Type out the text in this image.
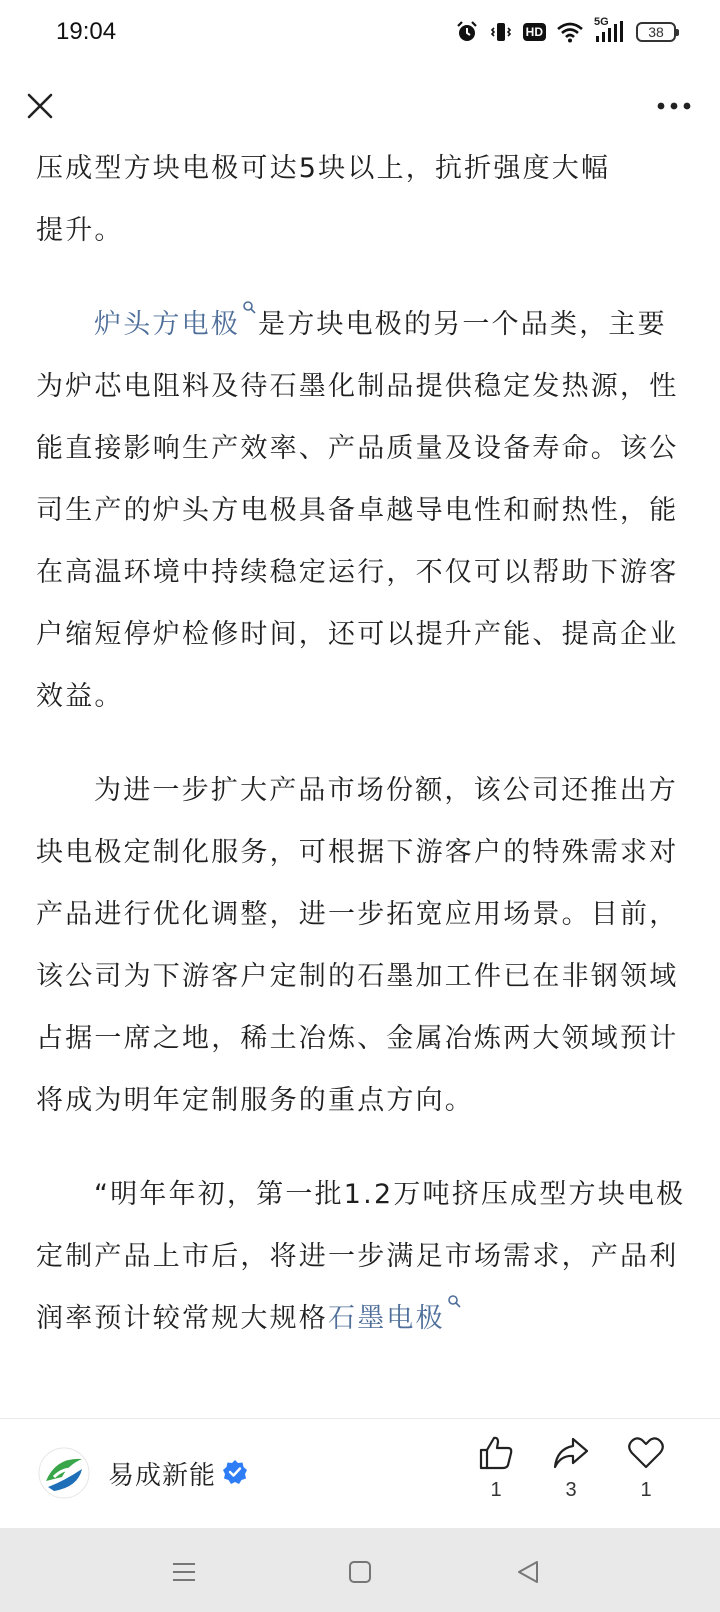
19:04	HD
5G
38

压成型方块电极可达5块以上，抗折强度大幅
提升。

炉头方电极 是方块电极的另一个品类，主要为炉芯电阻料及待石墨化制品提供稳定发热源，性能直接影响生产效率、产品质量及设备寿命。该公司生产的炉头方电极具备卓越导电性和耐热性，能在高温环境中持续稳定运行，不仅可以帮助下游客户缩短停炉检修时间，还可以提升产能、提高企业效益。

为进一步扩大产品市场份额，该公司还推出方块电极定制化服务，可根据下游客户的特殊需求对产品进行优化调整，进一步拓宽应用场景。目前，该公司为下游客户定制的石墨加工件已在非钢领域占据一席之地，稀土冶炼、金属冶炼两大领域预计将成为明年定制服务的重点方向。

“明年年初，第一批1.2万吨挤压成型方块电极定制产品上市后，将进一步满足市场需求，产品利润率预计较常规大规格石墨电极

易成新能	1	3	1
